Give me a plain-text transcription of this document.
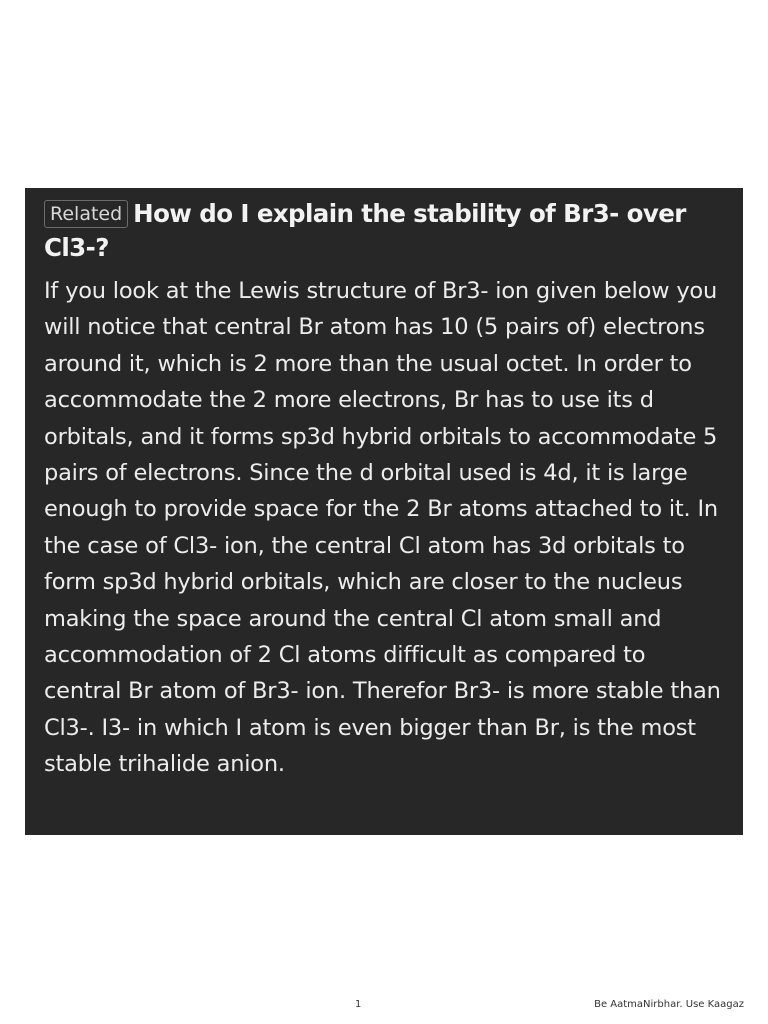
Related How do I explain the stability of Br3- over Cl3-?

If you look at the Lewis structure of Br3- ion given below you will notice that central Br atom has 10 (5 pairs of) electrons around it, which is 2 more than the usual octet. In order to accommodate the 2 more electrons, Br has to use its d orbitals, and it forms sp3d hybrid orbitals to accommodate 5 pairs of electrons. Since the d orbital used is 4d, it is large enough to provide space for the 2 Br atoms attached to it. In the case of Cl3- ion, the central Cl atom has 3d orbitals to form sp3d hybrid orbitals, which are closer to the nucleus making the space around the central Cl atom small and accommodation of 2 Cl atoms difficult as compared to central Br atom of Br3- ion. Therefor Br3- is more stable than Cl3-. I3- in which I atom is even bigger than Br, is the most stable trihalide anion.

1	Be AatmaNirbhar. Use Kaagaz
